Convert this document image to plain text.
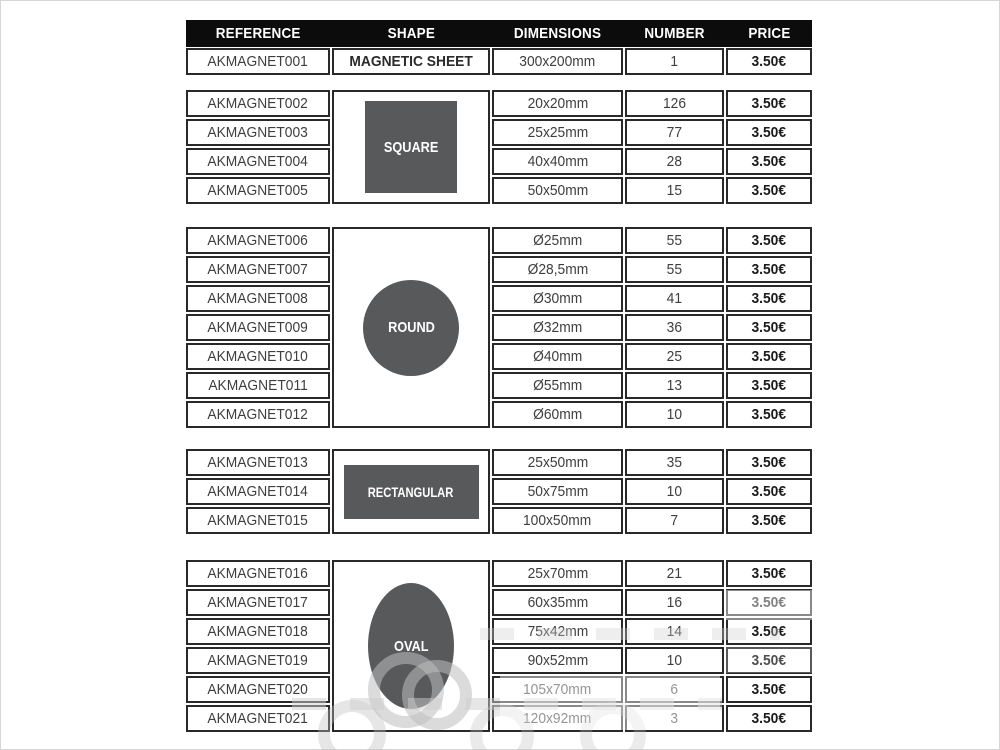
REFERENCE	SHAPE	DIMENSIONS	NUMBER	PRICE
MAGNETIC SHEET
AKMAGNET001	300x200mm	1	3.50€
SQUARE
AKMAGNET002	20x20mm	126	3.50€
AKMAGNET003	25x25mm	77	3.50€
AKMAGNET004	40x40mm	28	3.50€
AKMAGNET005	50x50mm	15	3.50€
ROUND
AKMAGNET006	Ø25mm	55	3.50€
AKMAGNET007	Ø28,5mm	55	3.50€
AKMAGNET008	Ø30mm	41	3.50€
AKMAGNET009	Ø32mm	36	3.50€
AKMAGNET010	Ø40mm	25	3.50€
AKMAGNET011	Ø55mm	13	3.50€
AKMAGNET012	Ø60mm	10	3.50€
RECTANGULAR
AKMAGNET013	25x50mm	35	3.50€
AKMAGNET014	50x75mm	10	3.50€
AKMAGNET015	100x50mm	7	3.50€
OVAL
AKMAGNET016	25x70mm	21	3.50€
AKMAGNET017	60x35mm	16	3.50€
AKMAGNET018	75x42mm	14	3.50€
AKMAGNET019	90x52mm	10	3.50€
AKMAGNET020	105x70mm	6	3.50€
AKMAGNET021	120x92mm	3	3.50€
